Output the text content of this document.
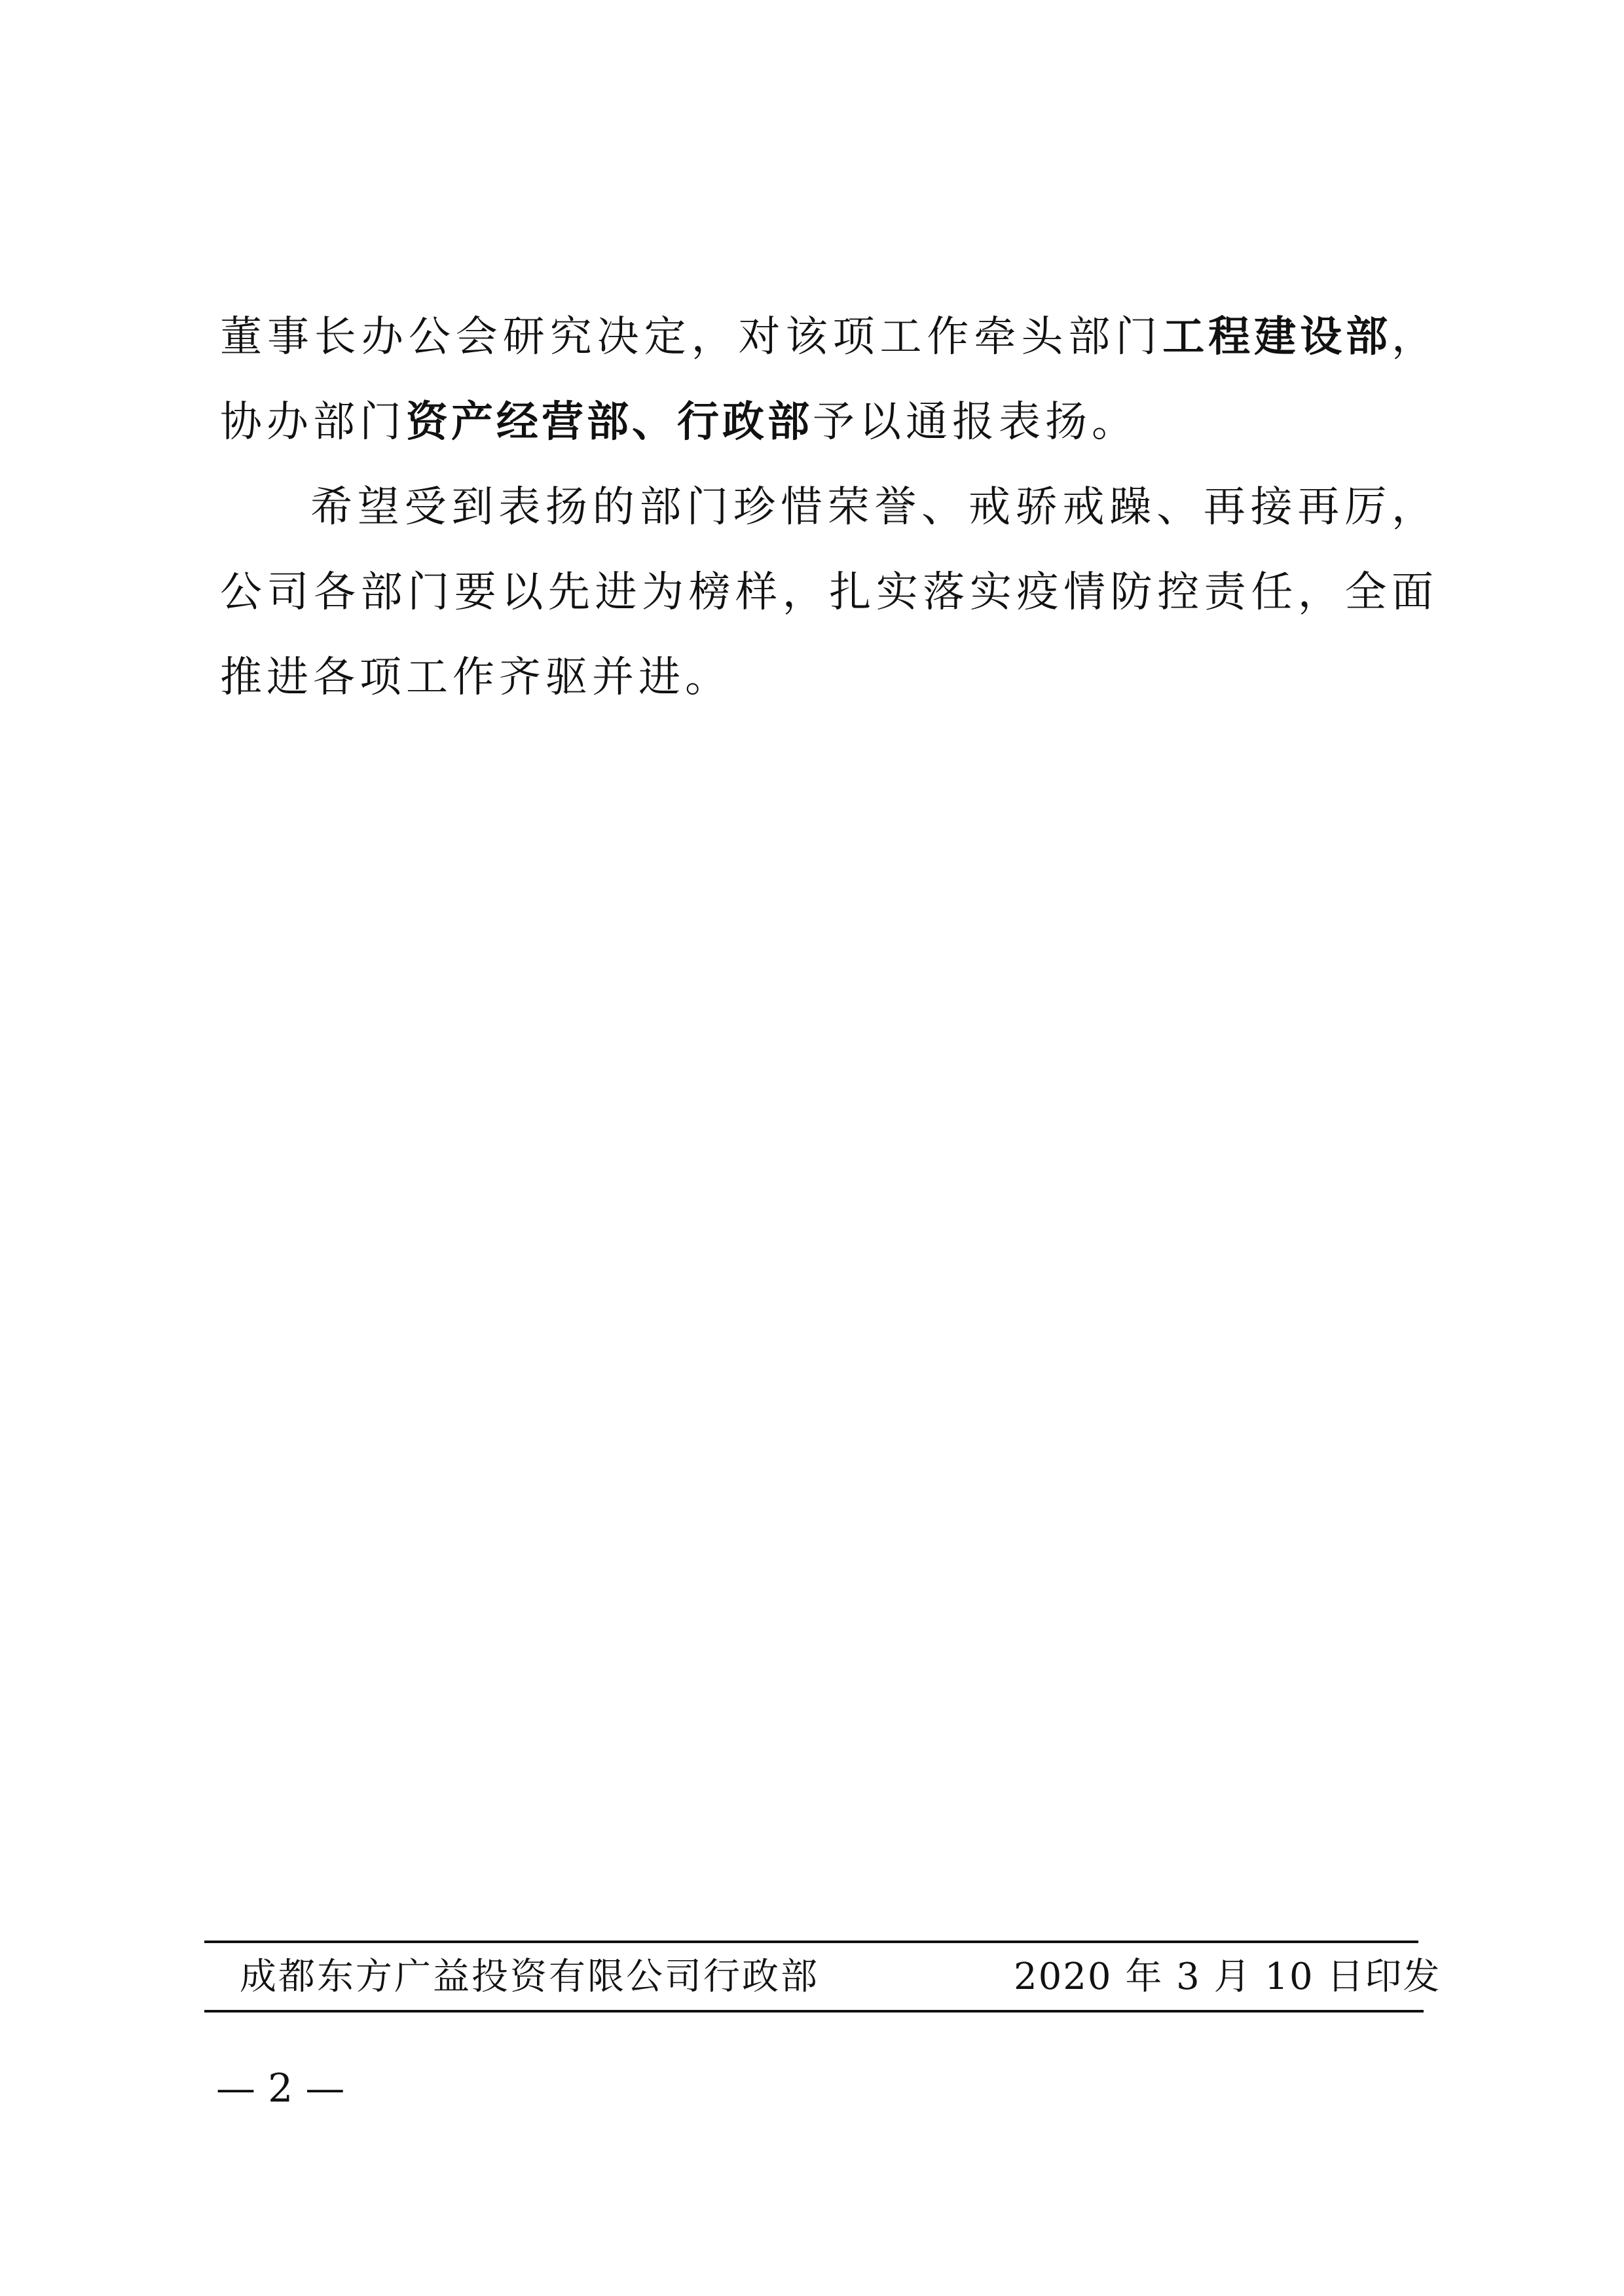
董事长办公会研究决定，对该项工作牵头部门工程建设部，协办部门资产经营部、行政部予以通报表扬。

希望受到表扬的部门珍惜荣誉、戒骄戒躁、再接再厉，公司各部门要以先进为榜样，扎实落实疫情防控责任，全面推进各项工作齐驱并进。

成都东方广益投资有限公司行政部	2020 年 3 月 10 日印发
— 2 —
